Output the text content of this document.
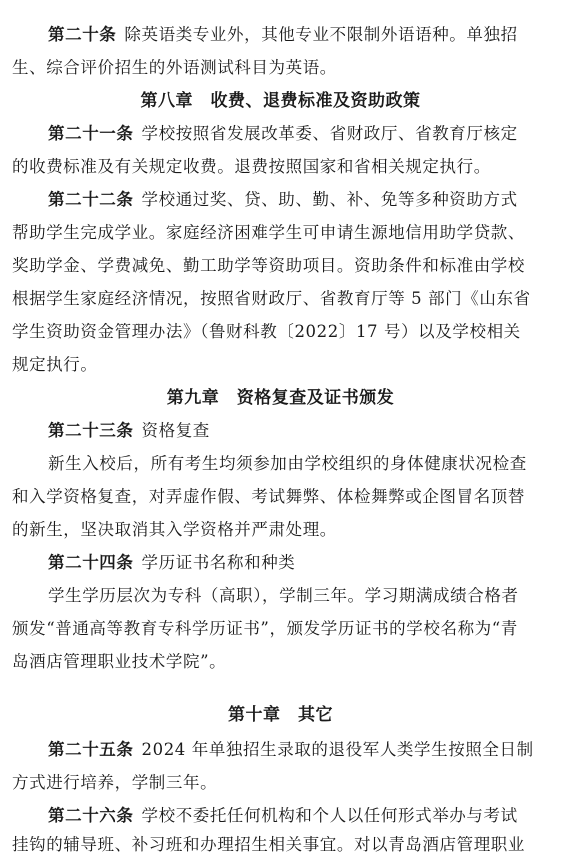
第二十条 除英语类专业外，其他专业不限制外语语种。单独招
生、综合评价招生的外语测试科目为英语。
第八章　收费、退费标准及资助政策
第二十一条 学校按照省发展改革委、省财政厅、省教育厅核定
的收费标准及有关规定收费。退费按照国家和省相关规定执行。
第二十二条 学校通过奖、贷、助、勤、补、免等多种资助方式
帮助学生完成学业。家庭经济困难学生可申请生源地信用助学贷款、
奖助学金、学费减免、勤工助学等资助项目。资助条件和标准由学校
根据学生家庭经济情况，按照省财政厅、省教育厅等 5 部门《山东省
学生资助资金管理办法》（鲁财科教〔2022〕17 号）以及学校相关
规定执行。
第九章　资格复查及证书颁发
第二十三条 资格复查
新生入校后，所有考生均须参加由学校组织的身体健康状况检查
和入学资格复查，对弄虚作假、考试舞弊、体检舞弊或企图冒名顶替
的新生，坚决取消其入学资格并严肃处理。
第二十四条 学历证书名称和种类
学生学历层次为专科（高职），学制三年。学习期满成绩合格者
颁发“普通高等教育专科学历证书”，颁发学历证书的学校名称为“青
岛酒店管理职业技术学院”。
第十章　其它
第二十五条 2024 年单独招生录取的退役军人类学生按照全日制
方式进行培养，学制三年。
第二十六条 学校不委托任何机构和个人以任何形式举办与考试
挂钩的辅导班、补习班和办理招生相关事宜。对以青岛酒店管理职业
